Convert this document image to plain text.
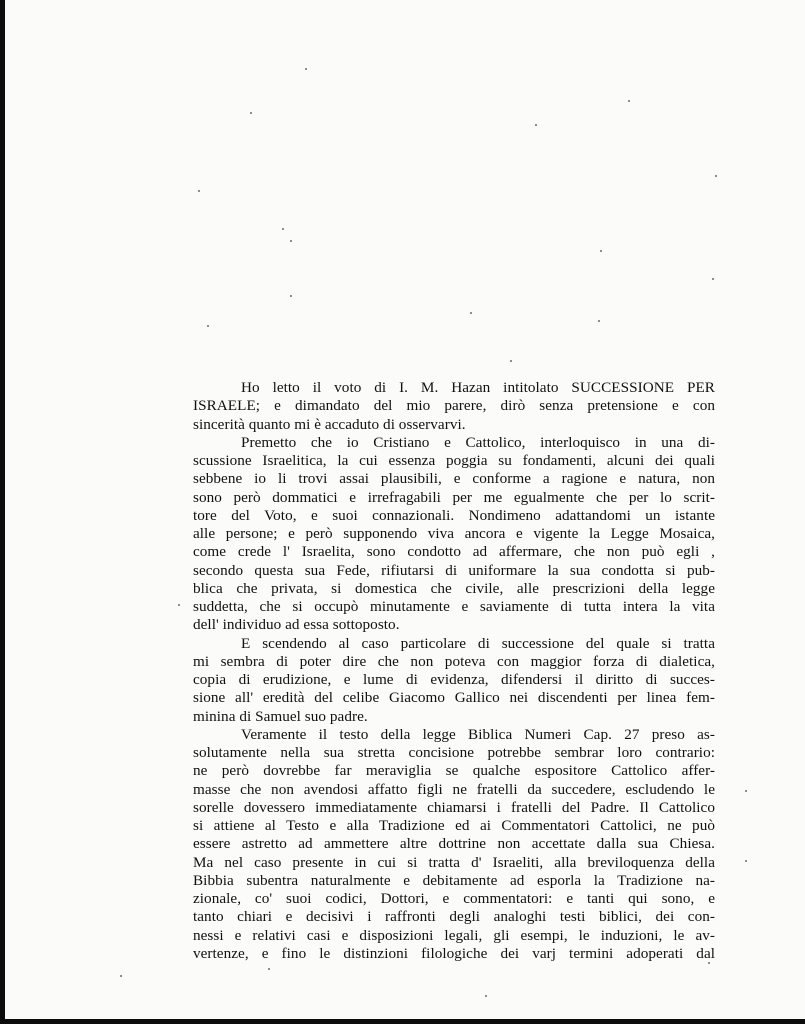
Ho letto il voto di I. M. Hazan intitolato SUCCESSIONE PER
ISRAELE; e dimandato del mio parere, dirò senza pretensione e con
sincerità quanto mi è accaduto di osservarvi.
Premetto che io Cristiano e Cattolico, interloquisco in una di-
scussione Israelitica, la cui essenza poggia su fondamenti, alcuni dei quali
sebbene io li trovi assai plausibili, e conforme a ragione e natura, non
sono però dommatici e irrefragabili per me egualmente che per lo scrit-
tore del Voto, e suoi connazionali. Nondimeno adattandomi un istante
alle persone; e però supponendo viva ancora e vigente la Legge Mosaica,
come crede l' Israelita, sono condotto ad affermare, che non può egli ,
secondo questa sua Fede, rifiutarsi di uniformare la sua condotta si pub-
blica che privata, si domestica che civile, alle prescrizioni della legge
suddetta, che si occupò minutamente e saviamente di tutta intera la vita
dell' individuo ad essa sottoposto.
E scendendo al caso particolare di successione del quale si tratta
mi sembra di poter dire che non poteva con maggior forza di dialetica,
copia di erudizione, e lume di evidenza, difendersi il diritto di succes-
sione all' eredità del celibe Giacomo Gallico nei discendenti per linea fem-
minina di Samuel suo padre.
Veramente il testo della legge Biblica Numeri Cap. 27 preso as-
solutamente nella sua stretta concisione potrebbe sembrar loro contrario:
ne però dovrebbe far meraviglia se qualche espositore Cattolico affer-
masse che non avendosi affatto figli ne fratelli da succedere, escludendo le
sorelle dovessero immediatamente chiamarsi i fratelli del Padre. Il Cattolico
si attiene al Testo e alla Tradizione ed ai Commentatori Cattolici, ne può
essere astretto ad ammettere altre dottrine non accettate dalla sua Chiesa.
Ma nel caso presente in cui si tratta d' Israeliti, alla breviloquenza della
Bibbia subentra naturalmente e debitamente ad esporla la Tradizione na-
zionale, co' suoi codici, Dottori, e commentatori: e tanti qui sono, e
tanto chiari e decisivi i raffronti degli analoghi testi biblici, dei con-
nessi e relativi casi e disposizioni legali, gli esempi, le induzioni, le av-
vertenze, e fino le distinzioni filologiche dei varj termini adoperati dal
